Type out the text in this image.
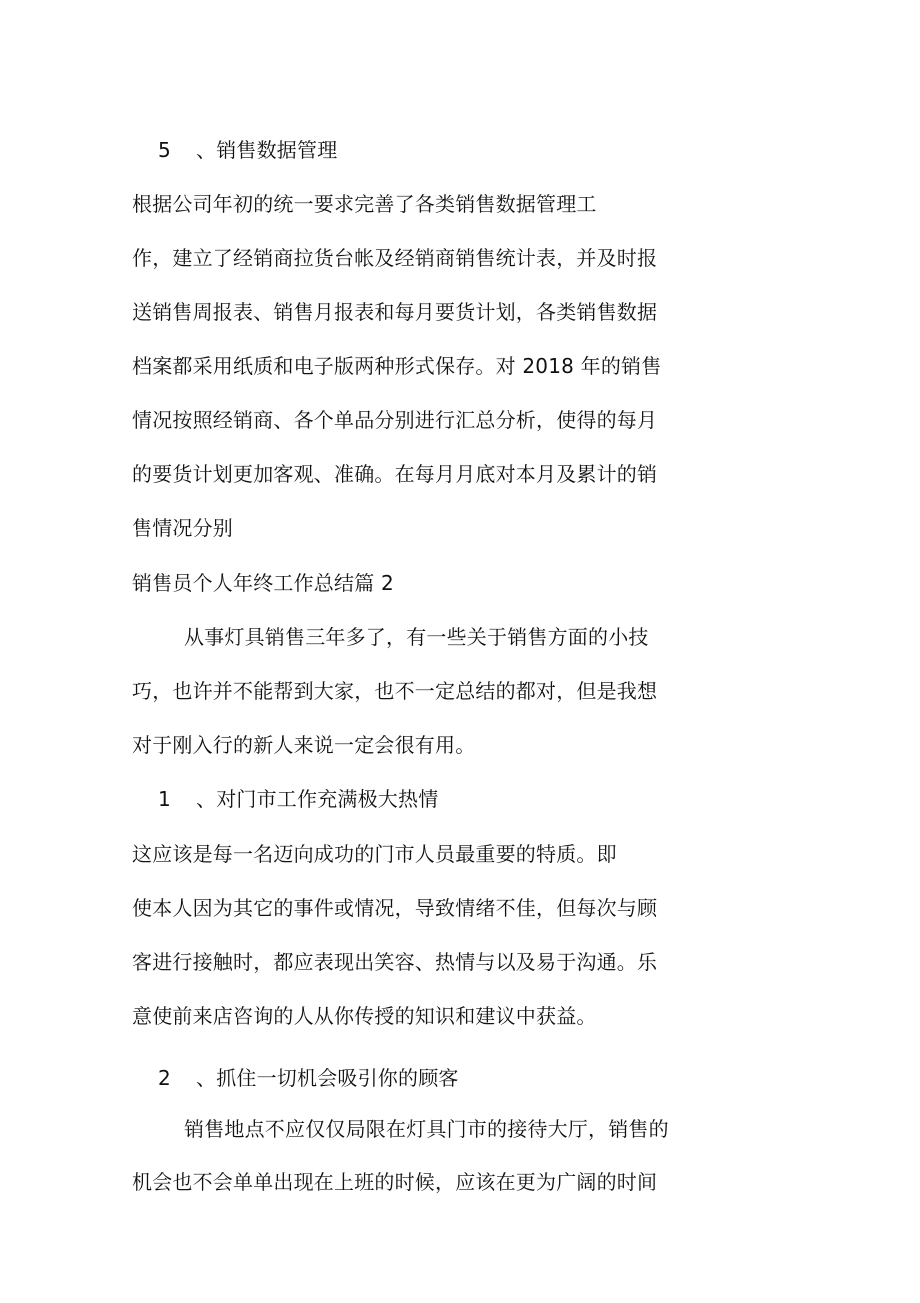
5 、销售数据管理
根据公司年初的统一要求完善了各类销售数据管理工
作，建立了经销商拉货台帐及经销商销售统计表，并及时报
送销售周报表、销售月报表和每月要货计划，各类销售数据
档案都采用纸质和电子版两种形式保存。对 2018 年的销售
情况按照经销商、各个单品分别进行汇总分析，使得的每月
的要货计划更加客观、准确。在每月月底对本月及累计的销
售情况分别
销售员个人年终工作总结篇 2
从事灯具销售三年多了，有一些关于销售方面的小技
巧，也许并不能帮到大家，也不一定总结的都对，但是我想
对于刚入行的新人来说一定会很有用。
1 、对门市工作充满极大热情
这应该是每一名迈向成功的门市人员最重要的特质。即
使本人因为其它的事件或情况，导致情绪不佳，但每次与顾
客进行接触时，都应表现出笑容、热情与以及易于沟通。乐
意使前来店咨询的人从你传授的知识和建议中获益。
2 、抓住一切机会吸引你的顾客
销售地点不应仅仅局限在灯具门市的接待大厅，销售的
机会也不会单单出现在上班的时候，应该在更为广阔的时间
